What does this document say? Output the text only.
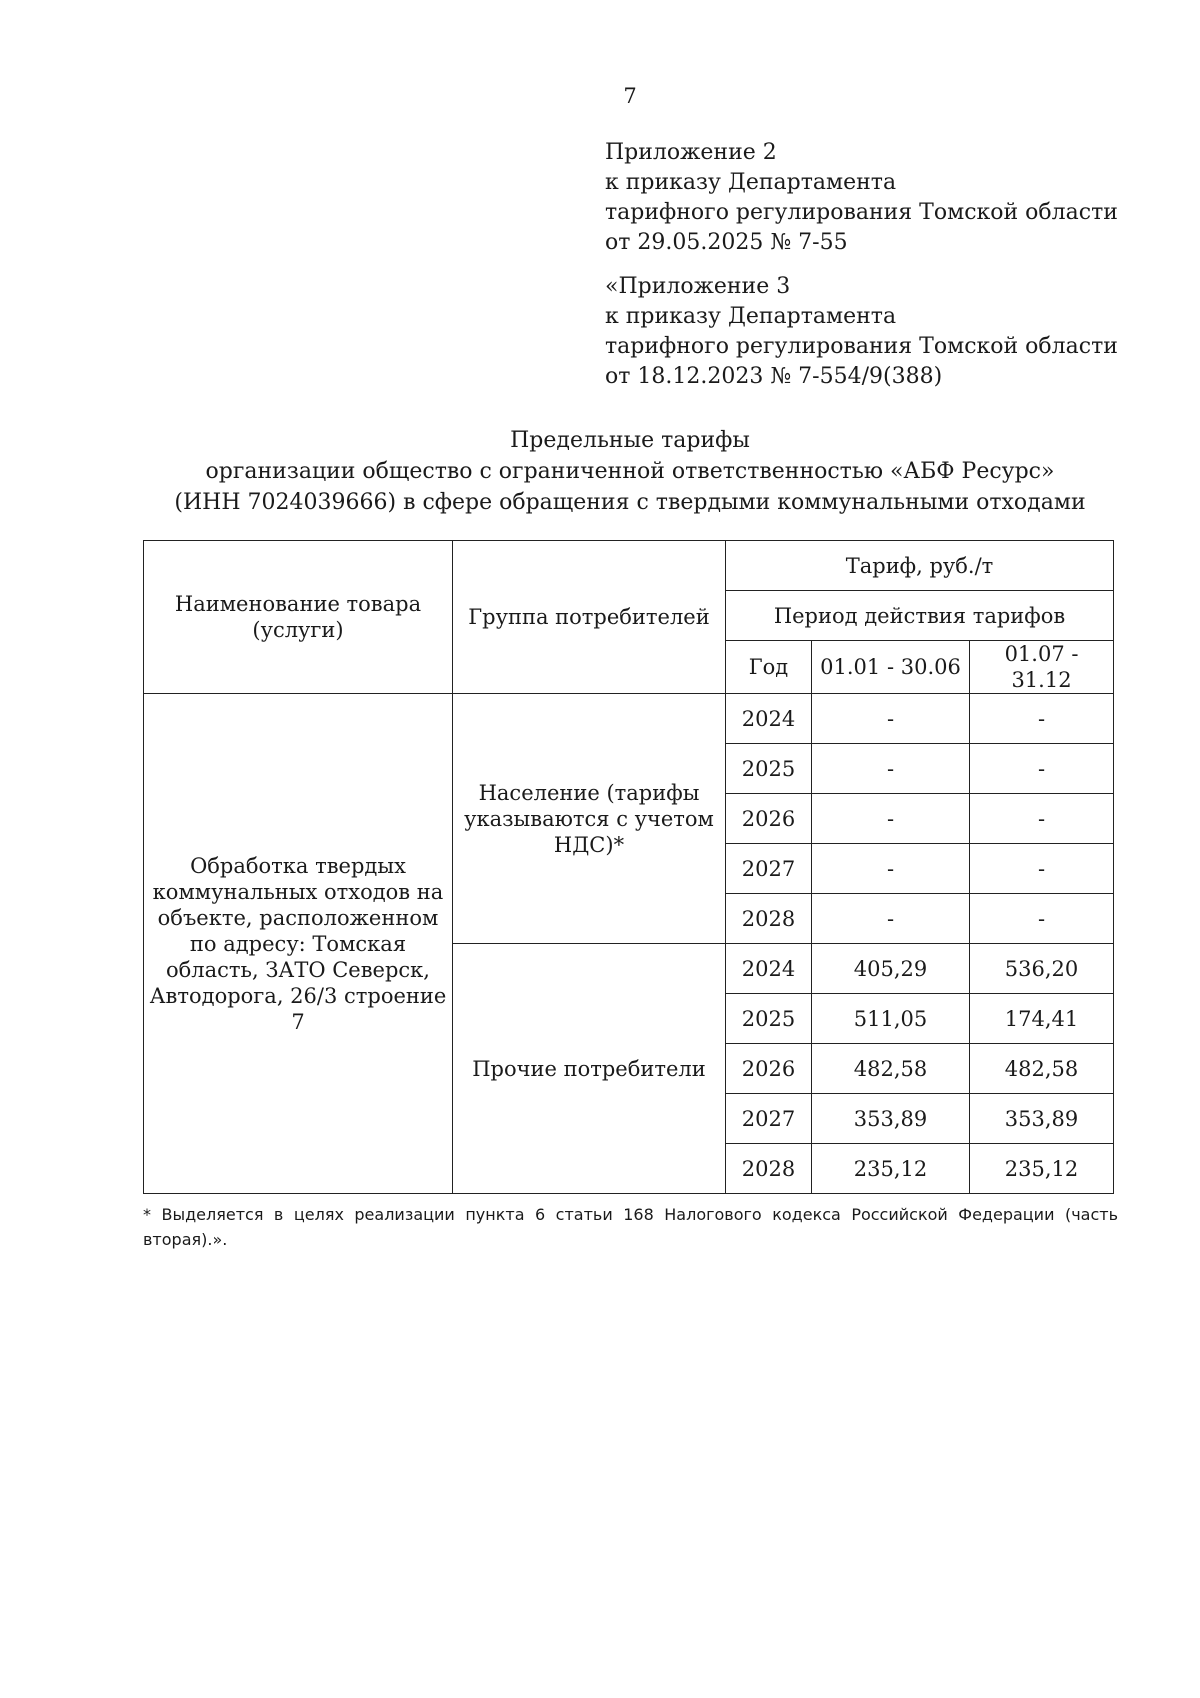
7
Приложение 2
к приказу Департамента
тарифного регулирования Томской области
от 29.05.2025 № 7-55
«Приложение 3
к приказу Департамента
тарифного регулирования Томской области
от 18.12.2023 № 7-554/9(388)
Предельные тарифы
организации общество с ограниченной ответственностью «АБФ Ресурс»
(ИНН 7024039666) в сфере обращения с твердыми коммунальными отходами
Наименование товара (услуги)	Группа потребителей	Тариф, руб./т		
		Период действия тарифов		
		Год	01.01 - 30.06	01.07 - 31.12
Обработка твердых коммунальных отходов на объекте, расположенном по адресу: Томская область, ЗАТО Северск, Автодорога, 26/3 строение 7	Население (тарифы указываются с учетом НДС)*	2024	-	-
		2025	-	-
		2026	-	-
		2027	-	-
		2028	-	-
	Прочие потребители	2024	405,29	536,20
		2025	511,05	174,41
		2026	482,58	482,58
		2027	353,89	353,89
		2028	235,12	235,12
* Выделяется в целях реализации пункта 6 статьи 168 Налогового кодекса Российской Федерации (часть вторая).».
